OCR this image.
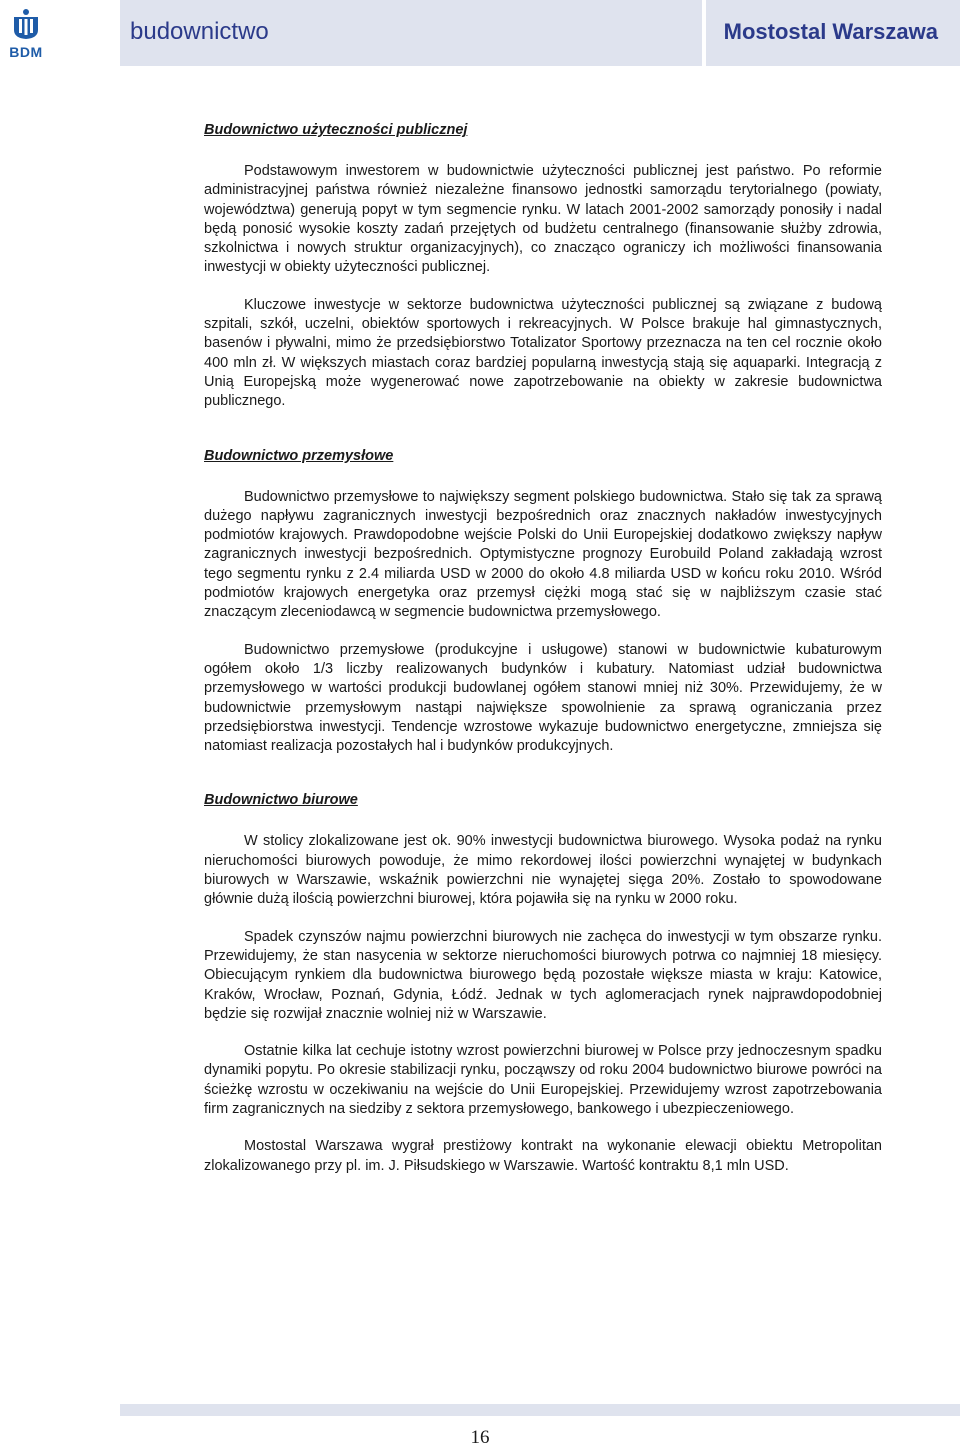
BDM
budownictwo	Mostostal Warszawa
Budownictwo użyteczności publicznej

Podstawowym inwestorem w budownictwie użyteczności publicznej jest państwo. Po reformie administracyjnej państwa również niezależne finansowo jednostki samorządu terytorialnego (powiaty, województwa) generują popyt w tym segmencie rynku. W latach 2001-2002 samorządy ponosiły i nadal będą ponosić wysokie koszty zadań przejętych od budżetu centralnego (finansowanie służby zdrowia, szkolnictwa i nowych struktur organizacyjnych), co znacząco ograniczy ich możliwości finansowania inwestycji w obiekty użyteczności publicznej.

Kluczowe inwestycje w sektorze budownictwa użyteczności publicznej są związane z budową szpitali, szkół, uczelni, obiektów sportowych i rekreacyjnych. W Polsce brakuje hal gimnastycznych, basenów i pływalni, mimo że przedsiębiorstwo Totalizator Sportowy przeznacza na ten cel rocznie około 400 mln zł. W większych miastach coraz bardziej popularną inwestycją stają się aquaparki. Integracją z Unią Europejską może wygenerować nowe zapotrzebowanie na obiekty w zakresie budownictwa publicznego.

Budownictwo przemysłowe

Budownictwo przemysłowe to największy segment polskiego budownictwa. Stało się tak za sprawą dużego napływu zagranicznych inwestycji bezpośrednich oraz znacznych nakładów inwestycyjnych podmiotów krajowych. Prawdopodobne wejście Polski do Unii Europejskiej dodatkowo zwiększy napływ zagranicznych inwestycji bezpośrednich. Optymistyczne prognozy Eurobuild Poland zakładają wzrost tego segmentu rynku z 2.4 miliarda USD w 2000 do około 4.8 miliarda USD w końcu roku 2010. Wśród podmiotów krajowych energetyka oraz przemysł ciężki mogą stać się w najbliższym czasie stać znaczącym zleceniodawcą w segmencie budownictwa przemysłowego.

Budownictwo przemysłowe (produkcyjne i usługowe) stanowi w budownictwie kubaturowym ogółem około 1/3 liczby realizowanych budynków i kubatury. Natomiast udział budownictwa przemysłowego w wartości produkcji budowlanej ogółem stanowi mniej niż 30%. Przewidujemy, że w budownictwie przemysłowym nastąpi największe spowolnienie za sprawą ograniczania przez przedsiębiorstwa inwestycji. Tendencje wzrostowe wykazuje budownictwo energetyczne, zmniejsza się natomiast realizacja pozostałych hal i budynków produkcyjnych.

Budownictwo biurowe

W stolicy zlokalizowane jest ok. 90% inwestycji budownictwa biurowego. Wysoka podaż na rynku nieruchomości biurowych powoduje, że mimo rekordowej ilości powierzchni wynajętej w budynkach biurowych w Warszawie, wskaźnik powierzchni nie wynajętej sięga 20%. Zostało to spowodowane głównie dużą ilością powierzchni biurowej, która pojawiła się na rynku w 2000 roku.

Spadek czynszów najmu powierzchni biurowych nie zachęca do inwestycji w tym obszarze rynku. Przewidujemy, że stan nasycenia w sektorze nieruchomości biurowych potrwa co najmniej 18 miesięcy. Obiecującym rynkiem dla budownictwa biurowego będą pozostałe większe miasta w kraju: Katowice, Kraków, Wrocław, Poznań, Gdynia, Łódź. Jednak w tych aglomeracjach rynek najprawdopodobniej będzie się rozwijał znacznie wolniej niż w Warszawie.

Ostatnie kilka lat cechuje istotny wzrost powierzchni biurowej w Polsce przy jednoczesnym spadku dynamiki popytu. Po okresie stabilizacji rynku, począwszy od roku 2004 budownictwo biurowe powróci na ścieżkę wzrostu w oczekiwaniu na wejście do Unii Europejskiej. Przewidujemy wzrost zapotrzebowania firm zagranicznych na siedziby z sektora przemysłowego, bankowego i ubezpieczeniowego.

Mostostal Warszawa wygrał prestiżowy kontrakt na wykonanie elewacji obiektu Metropolitan zlokalizowanego przy pl. im. J. Piłsudskiego w Warszawie. Wartość kontraktu 8,1 mln USD.

16
